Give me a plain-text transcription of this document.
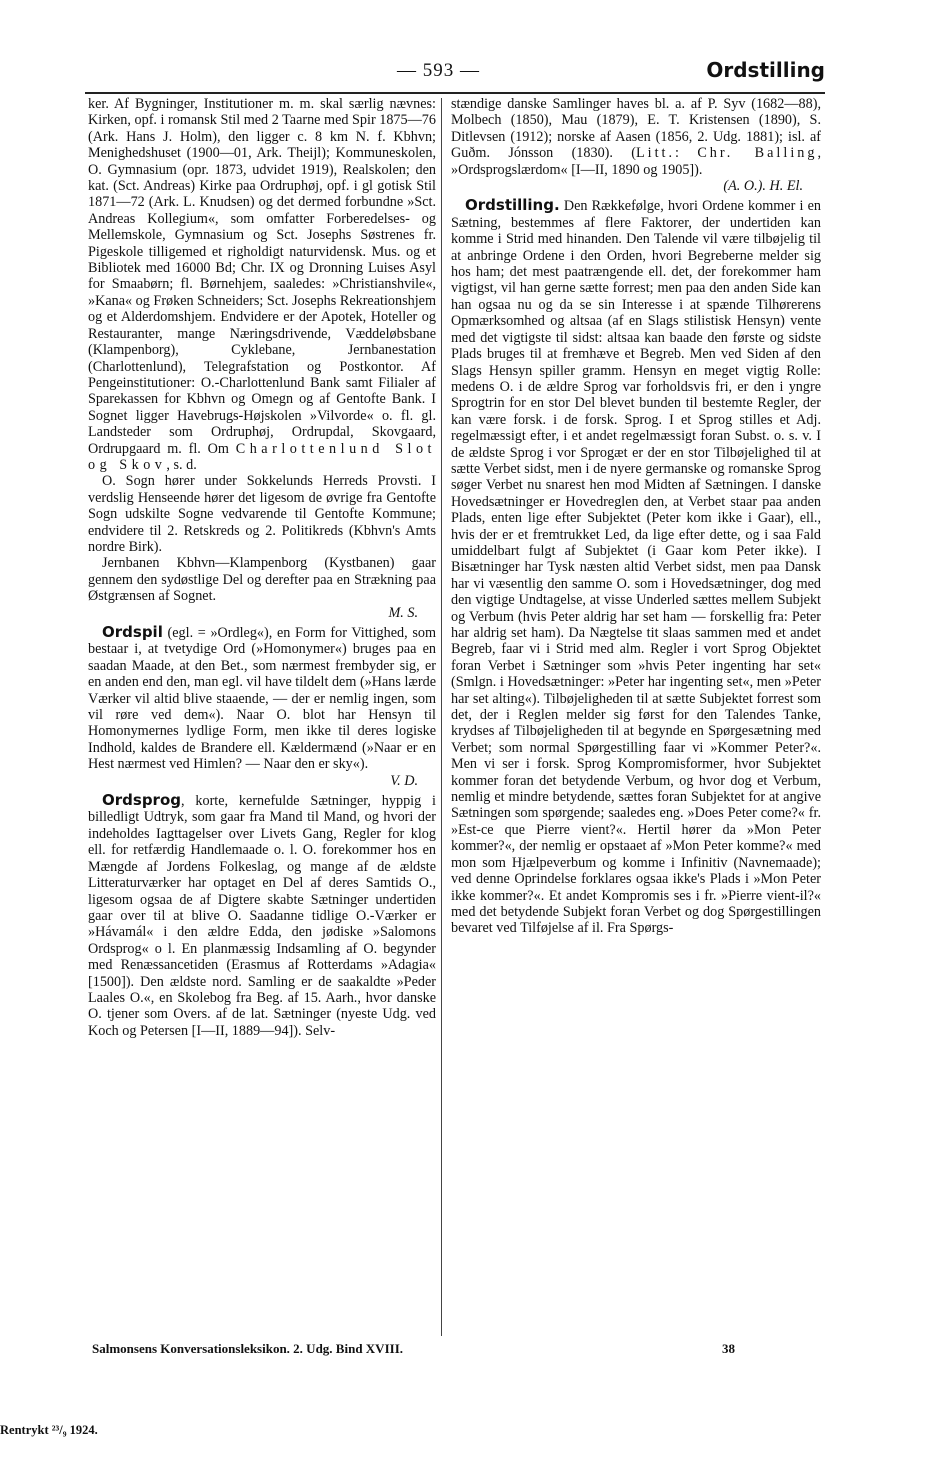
— 593 —	Ordstilling

ker. Af Bygninger, Institutioner m. m. skal særlig nævnes: Kirken, opf. i romansk Stil med 2 Taarne med Spir 1875—76 (Ark. Hans J. Holm), den ligger c. 8 km N. f. Kbhvn; Menighedshuset (1900—01, Ark. Theijl); Kommuneskolen, O. Gymnasium (opr. 1873, udvidet 1919), Realskolen; den kat. (Sct. Andreas) Kirke paa Ordruphøj, opf. i gl gotisk Stil 1871—72 (Ark. L. Knudsen) og det dermed forbundne »Sct. Andreas Kollegium«, som omfatter Forberedelses- og Mellemskole, Gymnasium og Sct. Josephs Søstrenes fr. Pigeskole tilligemed et righoldigt naturvidensk. Mus. og et Bibliotek med 16000 Bd; Chr. IX og Dronning Luises Asyl for Smaabørn; fl. Børnehjem, saaledes: »Christianshvile«, »Kana« og Frøken Schneiders; Sct. Josephs Rekreationshjem og et Alderdomshjem. Endvidere er der Apotek, Hoteller og Restauranter, mange Næringsdrivende, Væddeløbsbane (Klampenborg), Cyklebane, Jernbanestation (Charlottenlund), Telegrafstation og Postkontor. Af Pengeinstitutioner: O.-Charlottenlund Bank samt Filialer af Sparekassen for Kbhvn og Omegn og af Gentofte Bank. I Sognet ligger Havebrugs-Højskolen »Vilvorde« o. fl. gl. Landsteder som Ordruphøj, Ordrupdal, Skovgaard, Ordrupgaard m. fl. Om Charlottenlund Slot og Skov, s. d.

O. Sogn hører under Sokkelunds Herreds Provsti. I verdslig Henseende hører det ligesom de øvrige fra Gentofte Sogn udskilte Sogne vedvarende til Gentofte Kommune; endvidere til 2. Retskreds og 2. Politikreds (Kbhvn's Amts nordre Birk).

Jernbanen Kbhvn—Klampenborg (Kystbanen) gaar gennem den sydøstlige Del og derefter paa en Strækning paa Østgrænsen af Sognet.

M. S.

Ordspil (egl. = »Ordleg«), en Form for Vittighed, som bestaar i, at tvetydige Ord (»Homonymer«) bruges paa en saadan Maade, at den Bet., som nærmest frembyder sig, er en anden end den, man egl. vil have tildelt dem (»Hans lærde Værker vil altid blive staaende, — der er nemlig ingen, som vil røre ved dem«). Naar O. blot har Hensyn til Homonymernes lydlige Form, men ikke til deres logiske Indhold, kaldes de Brandere ell. Kældermænd (»Naar er en Hest nærmest ved Himlen? — Naar den er sky«).

V. D.

Ordsprog, korte, kernefulde Sætninger, hyppig i billedligt Udtryk, som gaar fra Mand til Mand, og hvori der indeholdes Iagttagelser over Livets Gang, Regler for klog ell. for retfærdig Handlemaade o. l. O. forekommer hos en Mængde af Jordens Folkeslag, og mange af de ældste Litteraturværker har optaget en Del af deres Samtids O., ligesom ogsaa de af Digtere skabte Sætninger undertiden gaar over til at blive O. Saadanne tidlige O.-Værker er »Hávamál« i den ældre Edda, den jødiske »Salomons Ordsprog« o l. En planmæssig Indsamling af O. begynder med Renæssancetiden (Erasmus af Rotterdams »Adagia« [1500]). Den ældste nord. Samling er de saakaldte »Peder Laales O.«, en Skolebog fra Beg. af 15. Aarh., hvor danske O. tjener som Overs. af de lat. Sætninger (nyeste Udg. ved Koch og Petersen [I—II, 1889—94]). Selv-

stændige danske Samlinger haves bl. a. af P. Syv (1682—88), Molbech (1850), Mau (1879), E. T. Kristensen (1890), S. Ditlevsen (1912); norske af Aasen (1856, 2. Udg. 1881); isl. af Guðm. Jónsson (1830). (Litt.: Chr. Balling, »Ordsprogslærdom« [I—II, 1890 og 1905]).

(A. O.). H. El.

Ordstilling. Den Rækkefølge, hvori Ordene kommer i en Sætning, bestemmes af flere Faktorer, der undertiden kan komme i Strid med hinanden. Den Talende vil være tilbøjelig til at anbringe Ordene i den Orden, hvori Begreberne melder sig hos ham; det mest paatrængende ell. det, der forekommer ham vigtigst, vil han gerne sætte forrest; men paa den anden Side kan han ogsaa nu og da se sin Interesse i at spænde Tilhørerens Opmærksomhed og altsaa (af en Slags stilistisk Hensyn) vente med det vigtigste til sidst: altsaa kan baade den første og sidste Plads bruges til at fremhæve et Begreb. Men ved Siden af den Slags Hensyn spiller gramm. Hensyn en meget vigtig Rolle: medens O. i de ældre Sprog var forholdsvis fri, er den i yngre Sprogtrin for en stor Del blevet bunden til bestemte Regler, der kan være forsk. i de forsk. Sprog. I et Sprog stilles et Adj. regelmæssigt efter, i et andet regelmæssigt foran Subst. o. s. v. I de ældste Sprog i vor Sprogæt er der en stor Tilbøjelighed til at sætte Verbet sidst, men i de nyere germanske og romanske Sprog søger Verbet nu snarest hen mod Midten af Sætningen. I danske Hovedsætninger er Hovedreglen den, at Verbet staar paa anden Plads, enten lige efter Subjektet (Peter kom ikke i Gaar), ell., hvis der er et fremtrukket Led, da lige efter dette, og i saa Fald umiddelbart fulgt af Subjektet (i Gaar kom Peter ikke). I Bisætninger har Tysk næsten altid Verbet sidst, men paa Dansk har vi væsentlig den samme O. som i Hovedsætninger, dog med den vigtige Undtagelse, at visse Underled sættes mellem Subjekt og Verbum (hvis Peter aldrig har set ham — forskellig fra: Peter har aldrig set ham). Da Nægtelse tit slaas sammen med et andet Begreb, faar vi i Strid med alm. Regler i vort Sprog Objektet foran Verbet i Sætninger som »hvis Peter ingenting har set« (Smlgn. i Hovedsætninger: »Peter har ingenting set«, men »Peter har set alting«). Tilbøjeligheden til at sætte Subjektet forrest som det, der i Reglen melder sig først for den Talendes Tanke, krydses af Tilbøjeligheden til at begynde en Spørgesætning med Verbet; som normal Spørgestilling faar vi »Kommer Peter?«. Men vi ser i forsk. Sprog Kompromisformer, hvor Subjektet kommer foran det betydende Verbum, og hvor dog et Verbum, nemlig et mindre betydende, sættes foran Subjektet for at angive Sætningen som spørgende; saaledes eng. »Does Peter come?« fr. »Est-ce que Pierre vient?«. Hertil hører da »Mon Peter kommer?«, der nemlig er opstaaet af »Mon Peter komme?« med mon som Hjælpeverbum og komme i Infinitiv (Navnemaade); ved denne Oprindelse forklares ogsaa ikke's Plads i »Mon Peter ikke kommer?«. Et andet Kompromis ses i fr. »Pierre vient-il?« med det betydende Subjekt foran Verbet og dog Spørgestillingen bevaret ved Tilføjelse af il. Fra Spørgs-

Salmonsens Konversationsleksikon. 2. Udg. Bind XVIII.	38
Rentrykt ²³/₉ 1924.
